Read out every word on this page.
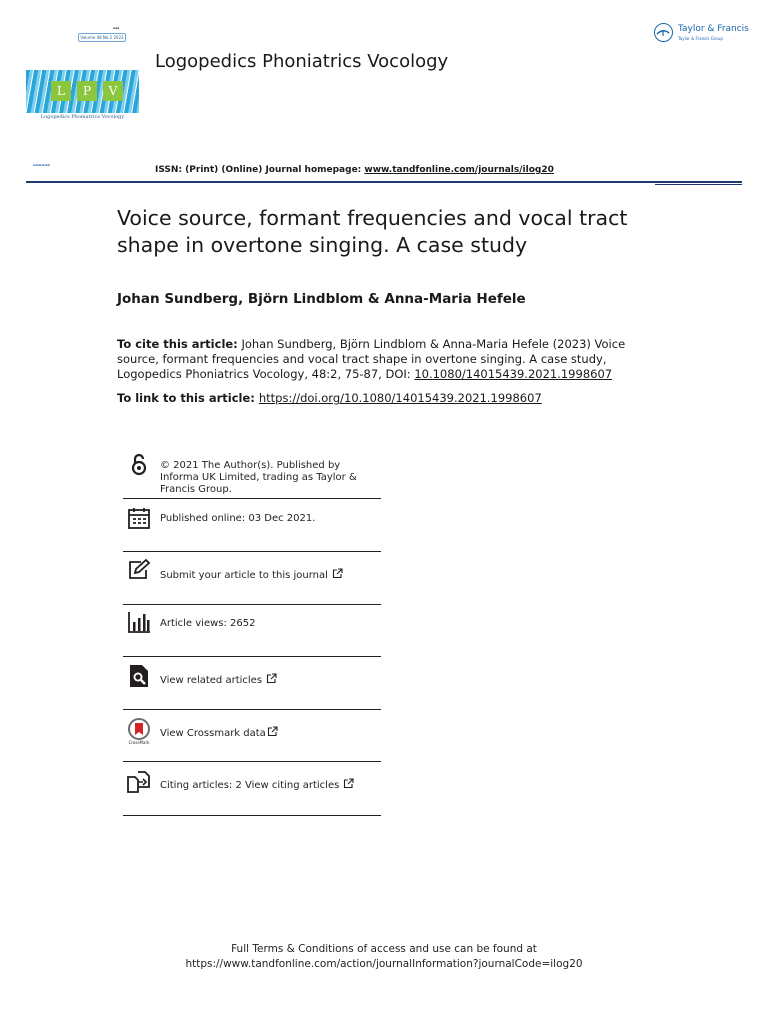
▪▪▪
Volume 48 No.2 2023
L	P	V
Logopedics Phoniatrics Vocology
Logopedics Phoniatrics Vocology
Taylor & Francis
Taylor & Francis Group
▬▬▬▬▬▬	ISSN: (Print) (Online) Journal homepage: www.tandfonline.com/journals/ilog20
Voice source, formant frequencies and vocal tract shape in overtone singing. A case study
Johan Sundberg, Björn Lindblom & Anna-Maria Hefele
To cite this article: Johan Sundberg, Björn Lindblom & Anna-Maria Hefele (2023) Voice source, formant frequencies and vocal tract shape in overtone singing. A case study, Logopedics Phoniatrics Vocology, 48:2, 75-87, DOI: 10.1080/14015439.2021.1998607
To link to this article: https://doi.org/10.1080/14015439.2021.1998607
© 2021 The Author(s). Published by Informa UK Limited, trading as Taylor & Francis Group.
Published online: 03 Dec 2021.
Submit your article to this journal
Article views: 2652
View related articles
CrossMark
View Crossmark data
Citing articles: 2 View citing articles
Full Terms & Conditions of access and use can be found at
https://www.tandfonline.com/action/journalInformation?journalCode=ilog20
